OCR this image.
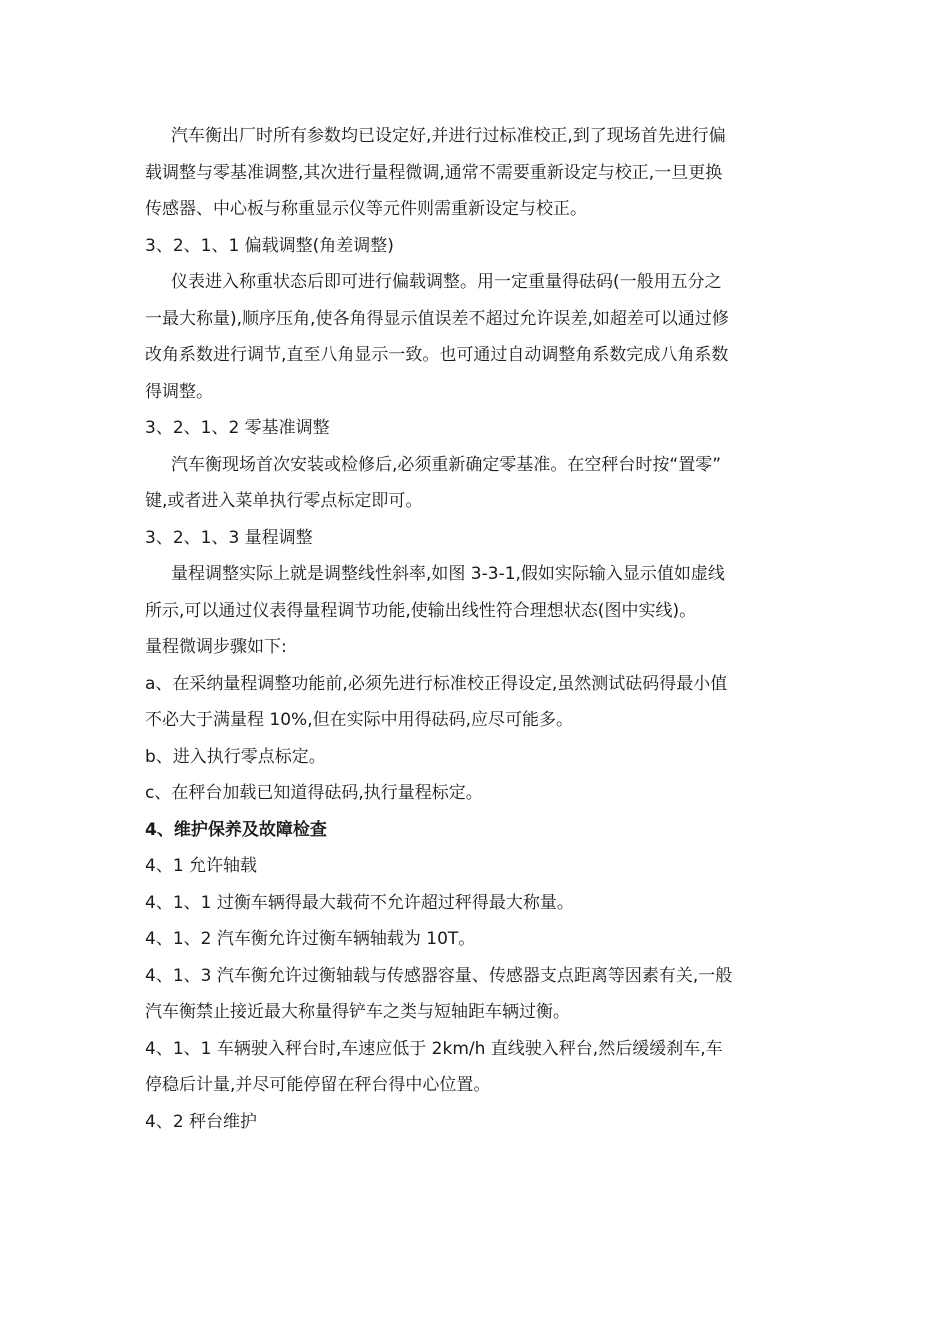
汽车衡出厂时所有参数均已设定好,并进行过标准校正,到了现场首先进行偏
载调整与零基准调整,其次进行量程微调,通常不需要重新设定与校正,一旦更换
传感器、中心板与称重显示仪等元件则需重新设定与校正。
3、2、1、1 偏载调整(角差调整)
仪表进入称重状态后即可进行偏载调整。用一定重量得砝码(一般用五分之
一最大称量),顺序压角,使各角得显示值误差不超过允许误差,如超差可以通过修
改角系数进行调节,直至八角显示一致。也可通过自动调整角系数完成八角系数
得调整。
3、2、1、2 零基准调整
汽车衡现场首次安装或检修后,必须重新确定零基准。在空秤台时按“置零”
键,或者进入菜单执行零点标定即可。
3、2、1、3 量程调整
量程调整实际上就是调整线性斜率,如图 3-3-1,假如实际输入显示值如虚线
所示,可以通过仪表得量程调节功能,使输出线性符合理想状态(图中实线)。
量程微调步骤如下:
a、在采纳量程调整功能前,必须先进行标准校正得设定,虽然测试砝码得最小值
不必大于满量程 10%,但在实际中用得砝码,应尽可能多。
b、进入执行零点标定。
c、在秤台加载已知道得砝码,执行量程标定。
4、维护保养及故障检查
4、1 允许轴载
4、1、1 过衡车辆得最大载荷不允许超过秤得最大称量。
4、1、2 汽车衡允许过衡车辆轴载为 10T。
4、1、3 汽车衡允许过衡轴载与传感器容量、传感器支点距离等因素有关,一般
汽车衡禁止接近最大称量得铲车之类与短轴距车辆过衡。
4、1、1 车辆驶入秤台时,车速应低于 2km/h 直线驶入秤台,然后缓缓刹车,车
停稳后计量,并尽可能停留在秤台得中心位置。
4、2 秤台维护
